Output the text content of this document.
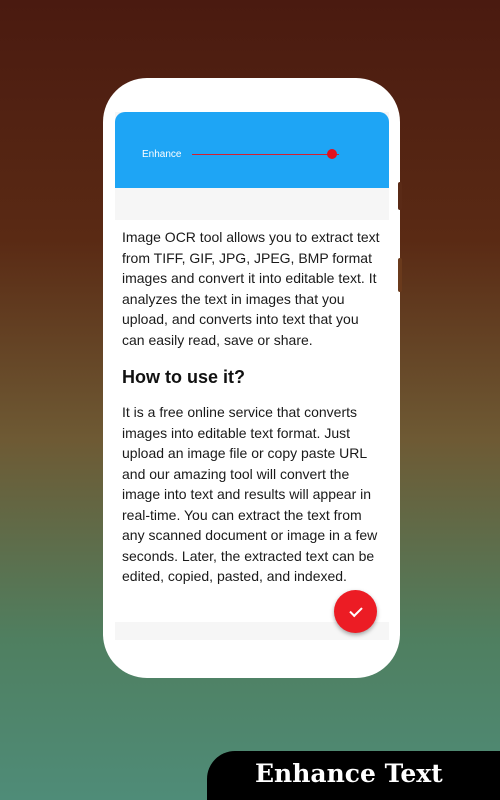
Enhance

Image OCR tool allows you to extract text from TIFF, GIF, JPG, JPEG, BMP format images and convert it into editable text. It analyzes the text in images that you upload, and converts into text that you can easily read, save or share.

How to use it?

It is a free online service that converts images into editable text format. Just upload an image file or copy paste URL and our amazing tool will convert the image into text and results will appear in real-time. You can extract the text from any scanned document or image in a few seconds. Later, the extracted text can be edited, copied, pasted, and indexed.

Enhance Text
